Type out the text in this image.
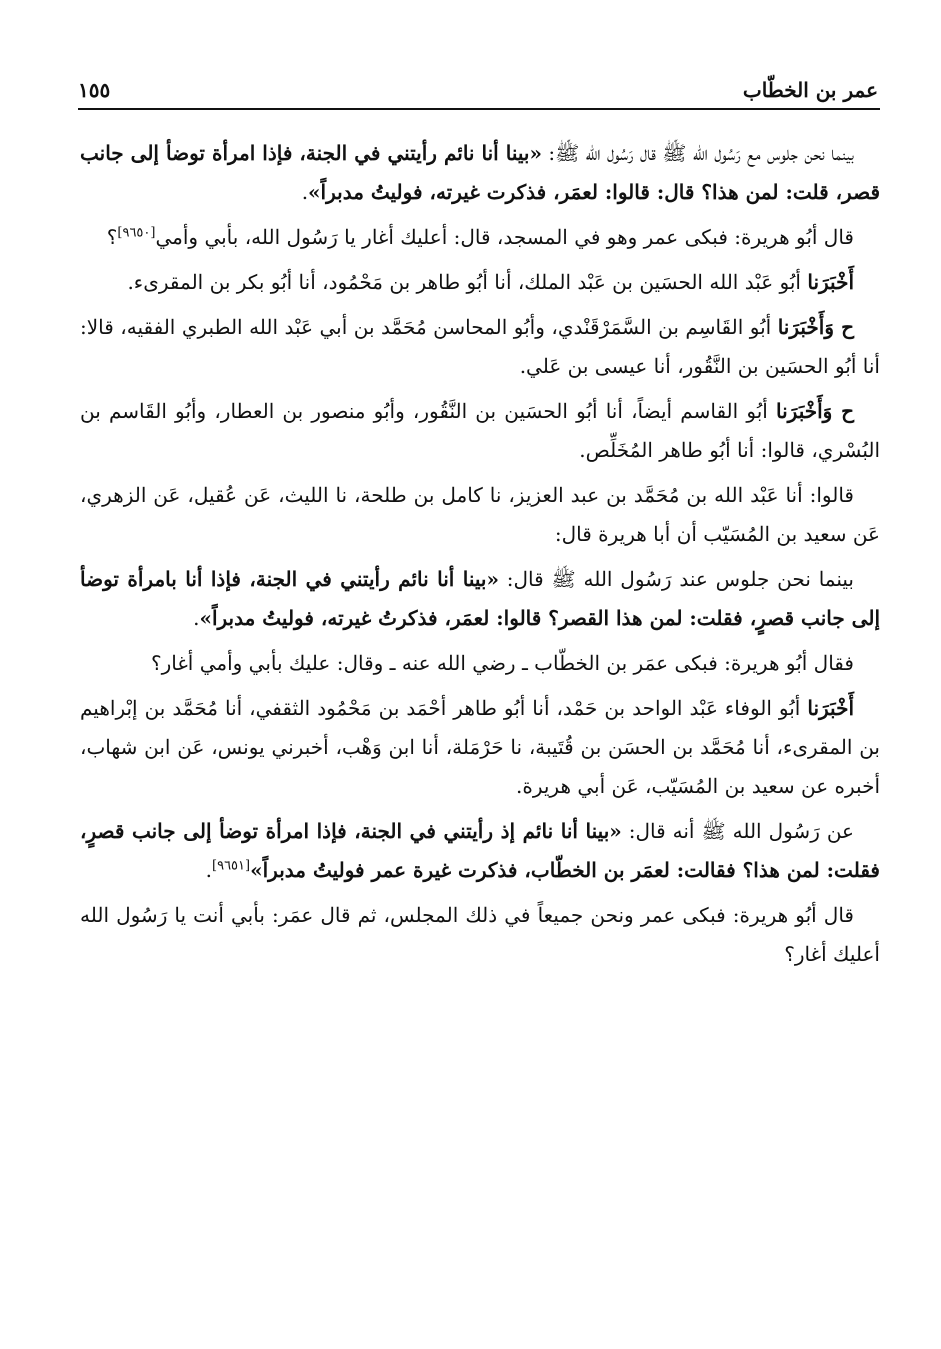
عمر بن الخطّاب
١٥٥

بينما نحن جلوس مع رَسُول الله ﷺ قال رَسُول الله ﷺ: «بينا أنا نائم رأيتني في الجنة، فإذا امرأة توضأ إلى جانب قصر، قلت: لمن هذا؟ قال: قالوا: لعمَر، فذكرت غيرته، فوليتُ مدبراً».

قال أبُو هريرة: فبكى عمر وهو في المسجد، قال: أعليك أغار يا رَسُول الله، بأبي وأمي[٩٦٥٠]؟

أَخْبَرَنا أبُو عَبْد الله الحسَين بن عَبْد الملك، أنا أبُو طاهر بن مَحْمُود، أنا أبُو بكر بن المقرىء.

ح وَأَخْبَرَنا أبُو القَاسِم بن السَّمَرْقَنْدي، وأبُو المحاسن مُحَمَّد بن أبي عَبْد الله الطبري الفقيه، قالا: أنا أبُو الحسَين بن النَّقُور، أنا عيسى بن عَلي.

ح وَأَخْبَرَنا أبُو القاسم أيضاً، أنا أبُو الحسَين بن النَّقُور، وأبُو منصور بن العطار، وأبُو القَاسم بن البُسْري، قالوا: أنا أبُو طاهر المُخَلِّص.

قالوا: أنا عَبْد الله بن مُحَمَّد بن عبد العزيز، نا كامل بن طلحة، نا الليث، عَن عُقيل، عَن الزهري، عَن سعيد بن المُسَيّب أن أبا هريرة قال:

بينما نحن جلوس عند رَسُول الله ﷺ قال: «بينا أنا نائم رأيتني في الجنة، فإذا أنا بامرأة توضأ إلى جانب قصرٍ، فقلت: لمن هذا القصر؟ قالوا: لعمَر، فذكرتُ غيرته، فوليتُ مدبراً».

فقال أبُو هريرة: فبكى عمَر بن الخطّاب ـ رضي الله عنه ـ وقال: عليك بأبي وأمي أغار؟

أَخْبَرَنا أبُو الوفاء عَبْد الواحد بن حَمْد، أنا أبُو طاهر أحْمَد بن مَحْمُود الثقفي، أنا مُحَمَّد بن إبْراهيم بن المقرىء، أنا مُحَمَّد بن الحسَن بن قُتَيبة، نا حَرْمَلة، أنا ابن وَهْب، أخبرني يونس، عَن ابن شهاب، أخبره عن سعيد بن المُسَيّب، عَن أبي هريرة.

عن رَسُول الله ﷺ أنه قال: «بينا أنا نائم إذ رأيتني في الجنة، فإذا امرأة توضأ إلى جانب قصرٍ، فقلت: لمن هذا؟ فقالت: لعمَر بن الخطّاب، فذكرت غيرة عمر فوليتُ مدبراً»[٩٦٥١].

قال أبُو هريرة: فبكى عمر ونحن جميعاً في ذلك المجلس، ثم قال عمَر: بأبي أنت يا رَسُول الله أعليك أغار؟
